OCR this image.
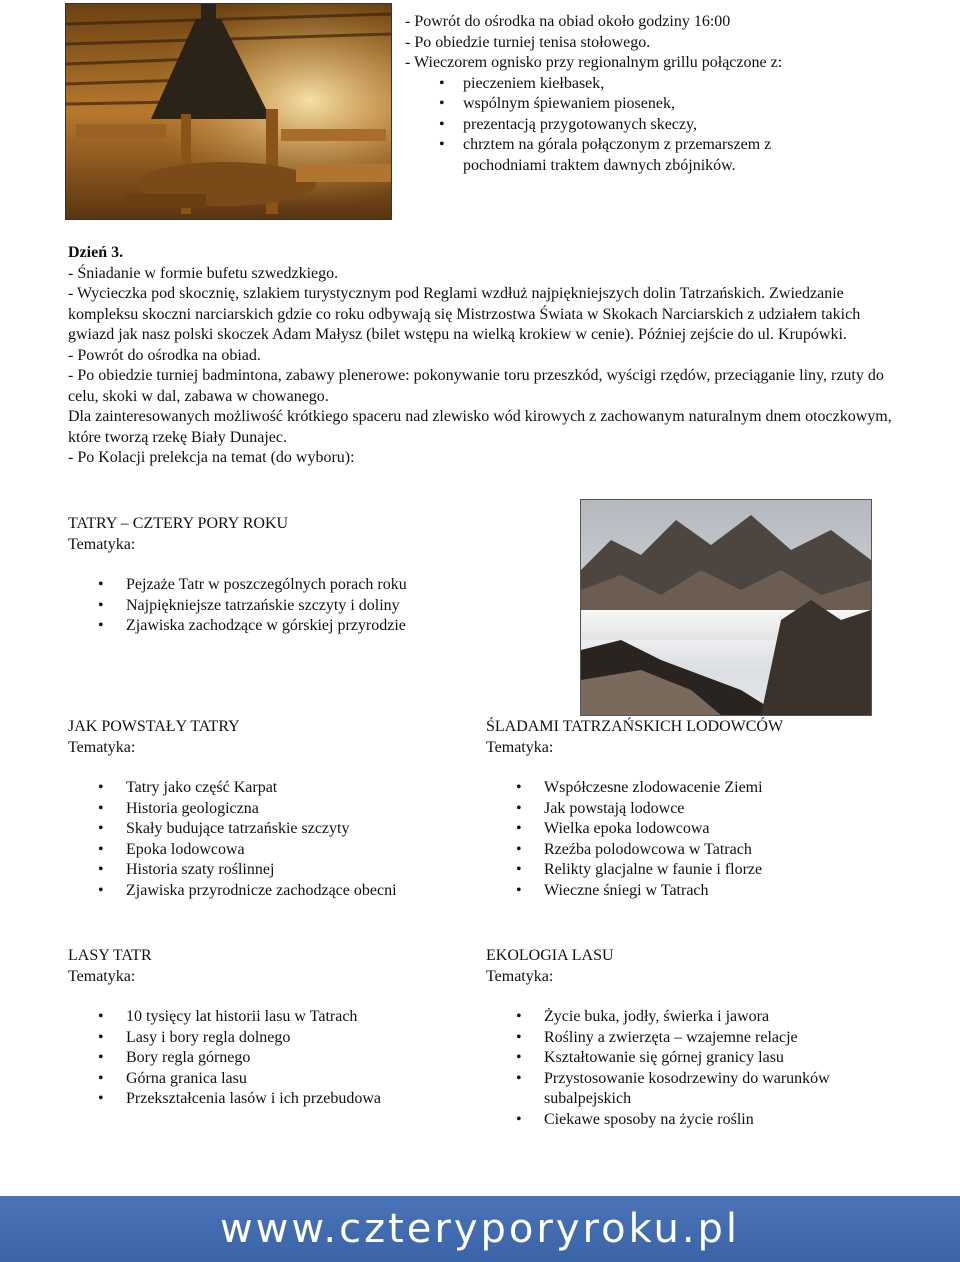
- Powrót do ośrodka na obiad około godziny 16:00
- Po obiedzie turniej tenisa stołowego.
- Wieczorem ognisko przy regionalnym grillu połączone z:
• pieczeniem kiełbasek,
• wspólnym śpiewaniem piosenek,
• prezentacją przygotowanych skeczy,
• chrztem na górala połączonym z przemarszem z pochodniami traktem dawnych zbójników.
Dzień 3.

- Śniadanie w formie bufetu szwedzkiego.

- Wycieczka pod skocznię, szlakiem turystycznym pod Reglami wzdłuż najpiękniejszych dolin Tatrzańskich. Zwiedzanie kompleksu skoczni narciarskich gdzie co roku odbywają się Mistrzostwa Świata w Skokach Narciarskich z udziałem takich gwiazd jak nasz polski skoczek Adam Małysz (bilet wstępu na wielką krokiew w cenie). Później zejście do ul. Krupówki.

- Powrót do ośrodka na obiad.

- Po obiedzie turniej badmintona, zabawy plenerowe: pokonywanie toru przeszkód, wyścigi rzędów, przeciąganie liny, rzuty do celu, skoki w dal, zabawa w chowanego.

Dla zainteresowanych możliwość krótkiego spaceru nad zlewisko wód kirowych z zachowanym naturalnym dnem otoczkowym, które tworzą rzekę Biały Dunajec.

- Po Kolacji prelekcja na temat (do wyboru):

TATRY – CZTERY PORY ROKU
Tematyka:
• Pejzaże Tatr w poszczególnych porach roku
• Najpiękniejsze tatrzańskie szczyty i doliny
• Zjawiska zachodzące w górskiej przyrodzie
JAK POWSTAŁY TATRY
Tematyka:
• Tatry jako część Karpat
• Historia geologiczna
• Skały budujące tatrzańskie szczyty
• Epoka lodowcowa
• Historia szaty roślinnej
• Zjawiska przyrodnicze zachodzące obecni
ŚLADAMI TATRZAŃSKICH LODOWCÓW
Tematyka:
• Współczesne zlodowacenie Ziemi
• Jak powstają lodowce
• Wielka epoka lodowcowa
• Rzeźba polodowcowa w Tatrach
• Relikty glacjalne w faunie i florze
• Wieczne śniegi w Tatrach
LASY TATR
Tematyka:
• 10 tysięcy lat historii lasu w Tatrach
• Lasy i bory regla dolnego
• Bory regla górnego
• Górna granica lasu
• Przekształcenia lasów i ich przebudowa
EKOLOGIA LASU
Tematyka:
• Życie buka, jodły, świerka i jawora
• Rośliny a zwierzęta – wzajemne relacje
• Kształtowanie się górnej granicy lasu
• Przystosowanie kosodrzewiny do warunków subalpejskich
• Ciekawe sposoby na życie roślin
www.czteryporyroku.pl
